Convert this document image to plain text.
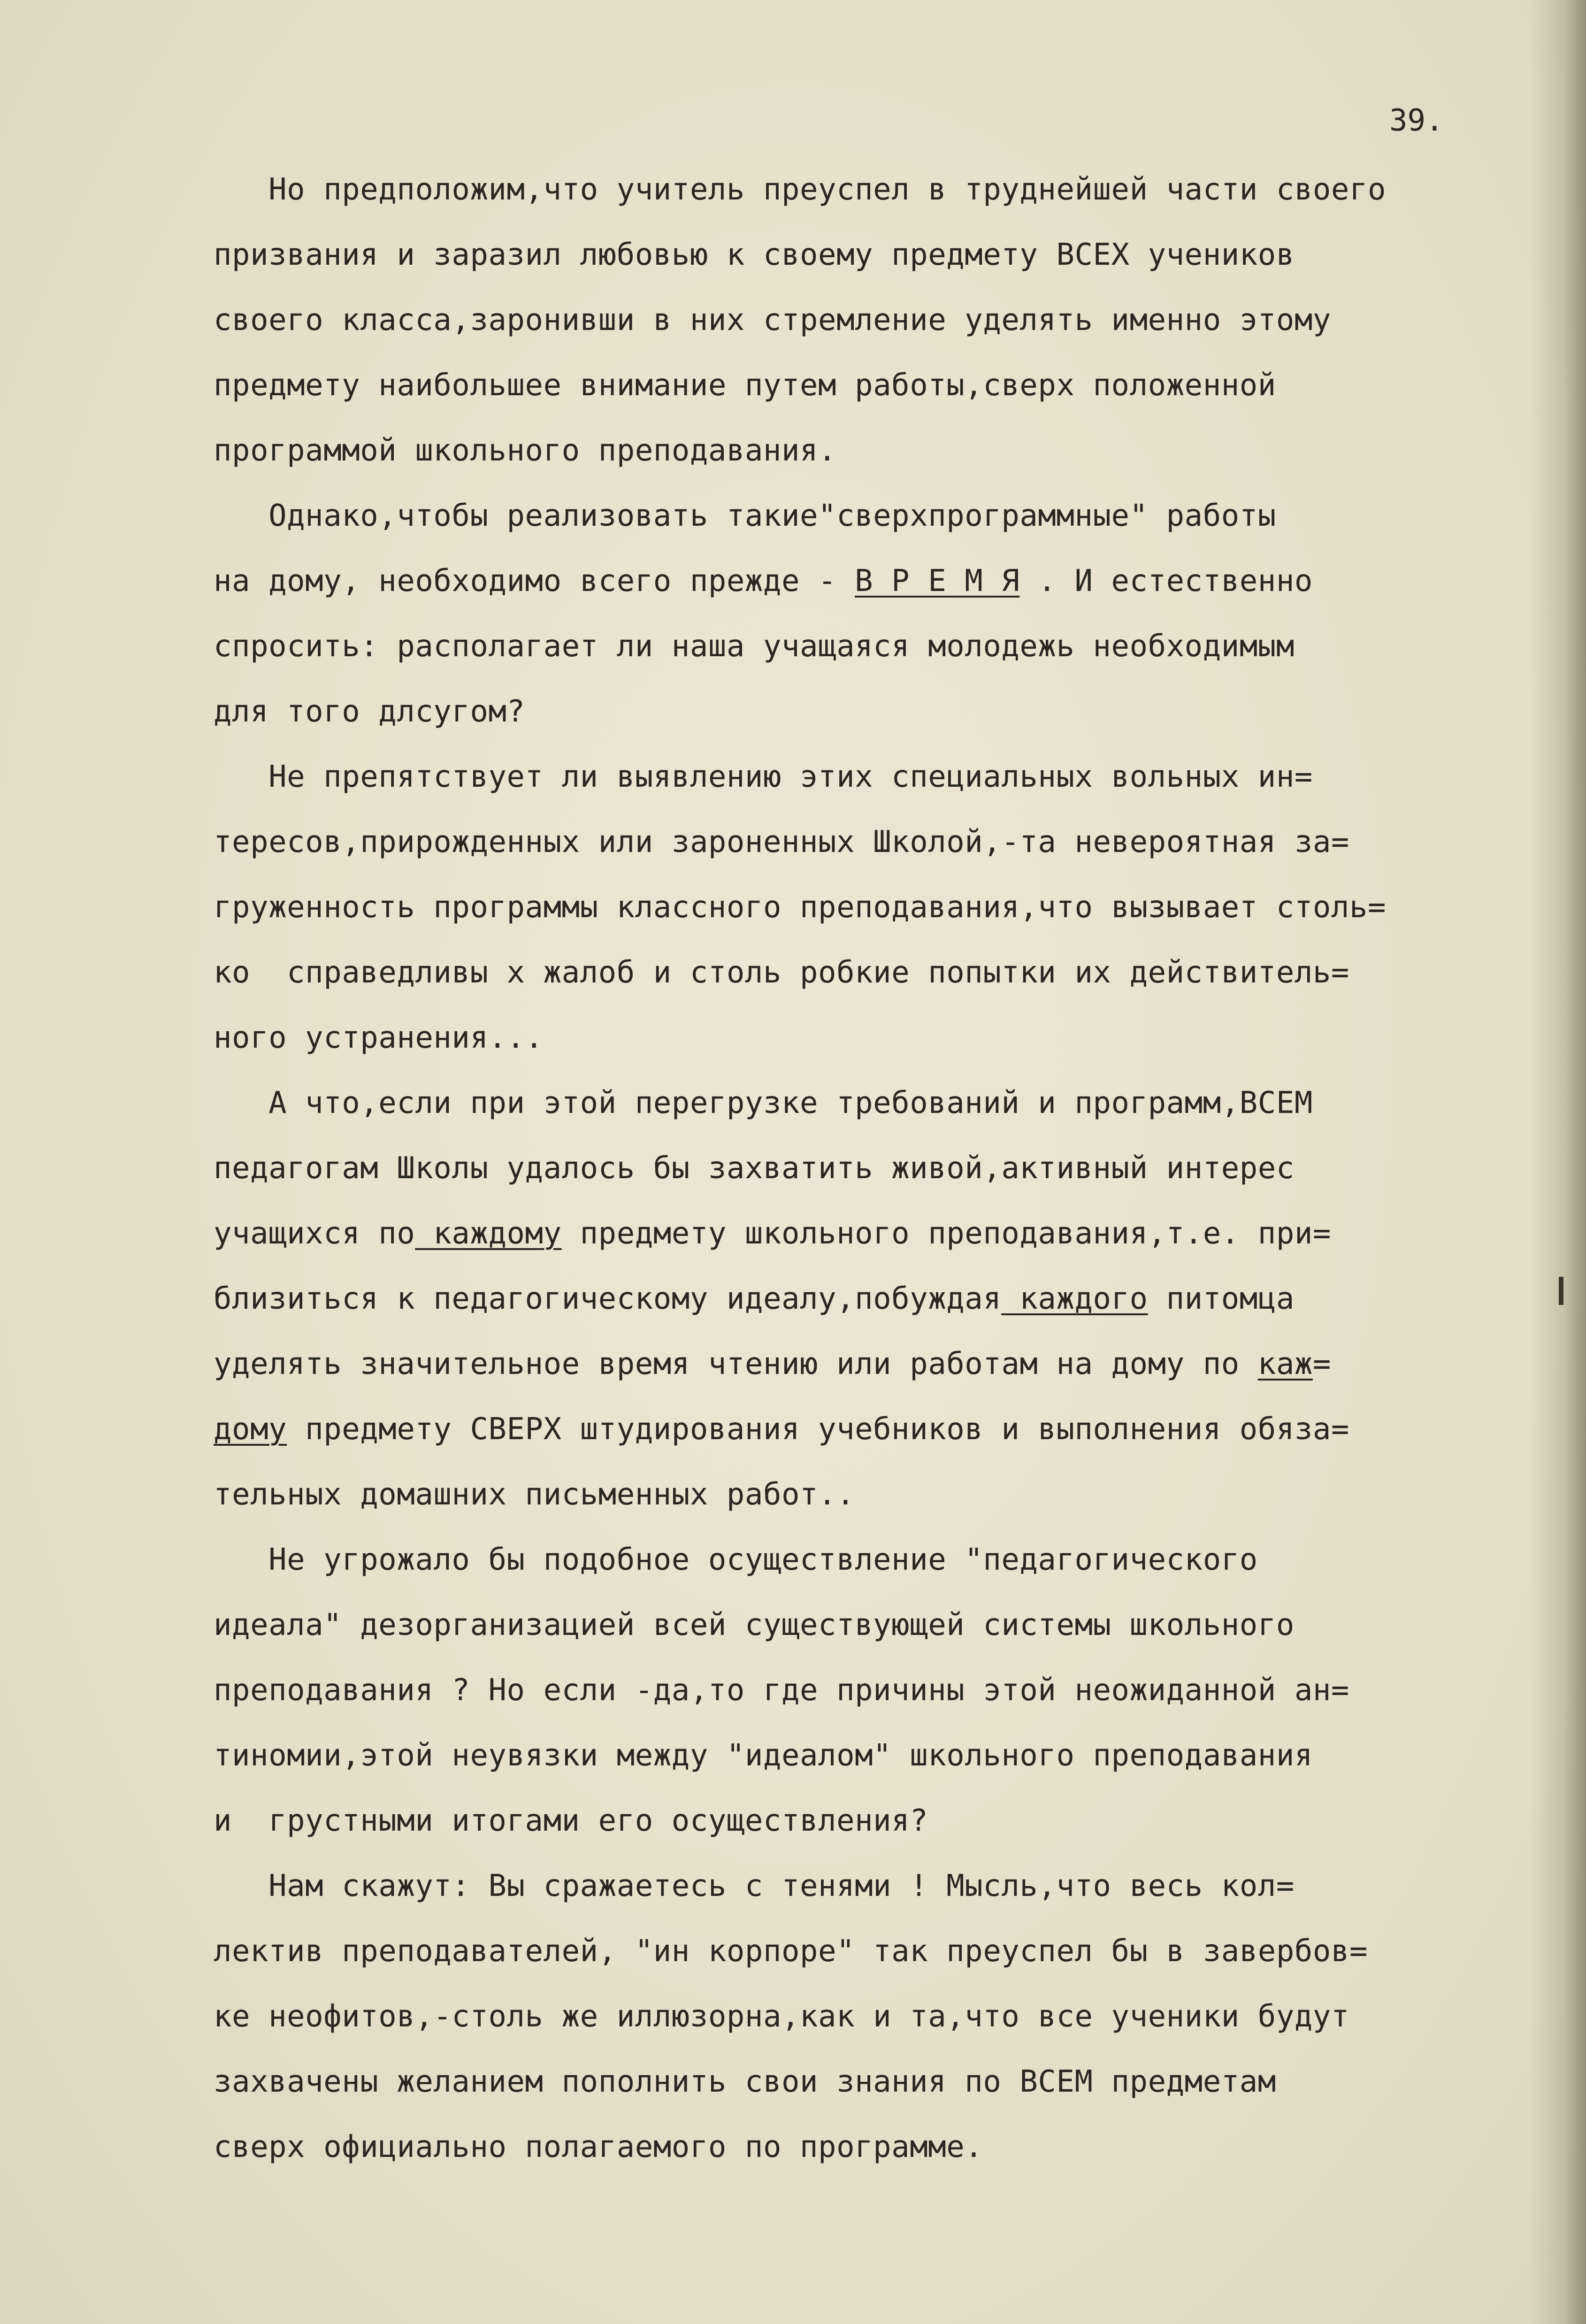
39.
Но предположим,что учитель преуспел в труднейшей части своего
призвания и заразил любовью к своему предмету ВСЕХ учеников
своего класса,заронивши в них стремление уделять именно этому
предмету наибольшее внимание путем работы,сверх положенной
программой школьного преподавания.
Однако,чтобы реализовать такие"сверхпрограммные" работы
на дому, необходимо всего прежде - В Р Е М Я . И естественно
спросить: располагает ли наша учащаяся молодежь необходимым
для того длсугом?
Не препятствует ли выявлению этих специальных вольных ин=
тересов,прирожденных или зароненных Школой,-та невероятная за=
груженность программы классного преподавания,что вызывает столь=
ко  справедливы х жалоб и столь робкие попытки их действитель=
ного устранения...
А что,если при этой перегрузке требований и программ,ВСЕМ
педагогам Школы удалось бы захватить живой,активный интерес
учащихся по каждому предмету школьного преподавания,т.е. при=
близиться к педагогическому идеалу,побуждая каждого питомца
уделять значительное время чтению или работам на дому по каж=
дому предмету СВЕРХ штудирования учебников и выполнения обяза=
тельных домашних письменных работ..
Не угрожало бы подобное осуществление "педагогического
идеала" дезорганизацией всей существующей системы школьного
преподавания ? Но если -да,то где причины этой неожиданной ан=
тиномии,этой неувязки между "идеалом" школьного преподавания
и  грустными итогами его осуществления?
Нам скажут: Вы сражаетесь с тенями ! Мысль,что весь кол=
лектив преподавателей, "ин корпоре" так преуспел бы в завербов=
ке неофитов,-столь же иллюзорна,как и та,что все ученики будут
захвачены желанием пополнить свои знания по ВСЕМ предметам
сверх официально полагаемого по программе.
